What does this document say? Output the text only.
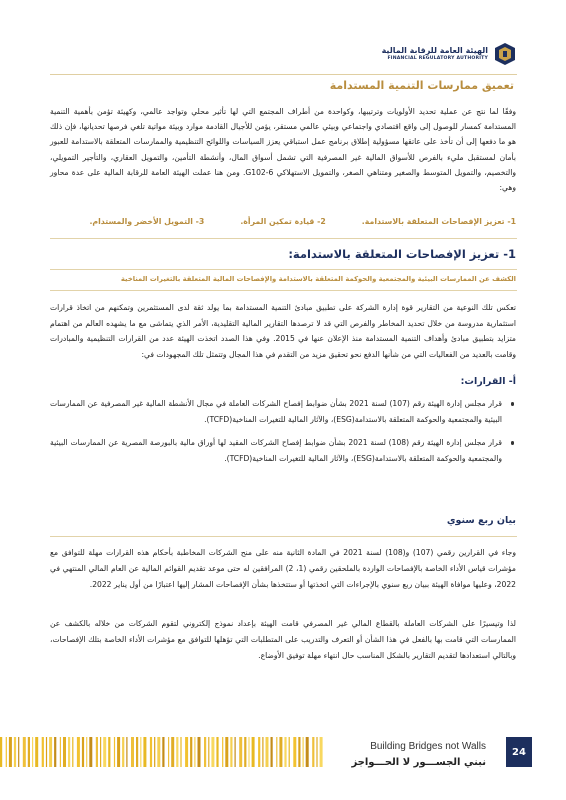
الهيئة العامة للرقابة المالية
FINANCIAL REGULATORY AUTHORITY
تعميق ممارسات التنمية المستدامة

وفقًا لما نتج عن عملية تحديد الأولويات وترتيبها، وكواحدة من أطراف المجتمع التي لها تأثير محلي وتواجد عالمي، وكهيئة تؤمن بأهمية التنمية المستدامة كمسار للوصول إلى واقع اقتصادي واجتماعي وبيئي عالمي مستقر، يؤمن للأجيال القادمة موارد وبيئة مواتية تلغي فرصها تحديانها، فإن ذلك هو ما دفعها إلى أن تأخذ على عاتقها مسؤولية إطلاق برنامج عمل استباقي يعزز السياسات واللوائح التنظيمية والممارسات المتعلقة بالاستدامة للعبور بأمان لمستقبل مليء بالفرص للأسواق المالية غير المصرفية التي تشمل أسواق المال، وأنشطة التأمين، والتمويل العقاري، والتأجير التمويلي، والتخصيم، والتمويل المتوسط والصغير ومتناهي الصغر، والتمويل الاستهلاكي G102-6. ومن هنا عملت الهيئة العامة للرقابة المالية على عدة محاور وهي:

1- تعزيز الإفصاحات المتعلقة بالاستدامة.
2- قيادة تمكين المرأة.
3- التمويل الأخضر والمستدام.
1- تعزيز الإفصاحات المتعلقة بالاستدامة:
الكشف عن الممارسات البيئية والمجتمعية والحوكمة المتعلقة بالاستدامة والإفصاحات المالية المتعلقة بالتغيرات المناخية

تعكس تلك النوعية من التقارير قوة إدارة الشركة على تطبيق مبادئ التنمية المستدامة بما يولد ثقة لدى المستثمرين وتمكنهم من اتخاذ قرارات استثمارية مدروسة من خلال تحديد المخاطر والفرص التي قد لا ترصدها التقارير المالية التقليدية، الأمر الذي يتماشى مع ما يشهده العالم من اهتمام متزايد بتطبيق مبادئ وأهداف التنمية المستدامة منذ الإعلان عنها في 2015. وفي هذا الصدد اتخذت الهيئة عدد من القرارات التنظيمية والمبادرات وقامت بالعديد من الفعاليات التي من شأنها الدفع نحو تحقيق مزيد من التقدم في هذا المجال وتتمثل تلك المجهودات في:

أ- القرارات:
قرار مجلس إدارة الهيئة رقم (107) لسنة 2021 بشأن ضوابط إفصاح الشركات العاملة في مجال الأنشطة المالية غير المصرفية عن الممارسات البيئية والمجتمعية والحوكمة المتعلقة بالاستدامة(ESG)، والآثار المالية للتغيرات المناخية(TCFD).
قرار مجلس إدارة الهيئة رقم (108) لسنة 2021 بشأن ضوابط إفصاح الشركات المقيد لها أوراق مالية بالبورصة المصرية عن الممارسات البيئية والمجتمعية والحوكمة المتعلقة بالاستدامة(ESG)، والآثار المالية للتغيرات المناخية(TCFD).
بيان ربع سنوي

وجاء في القرارين رقمي (107) و(108) لسنة 2021 في المادة الثانية منه على منح الشركات المخاطبة بأحكام هذه القرارات مهلة للتوافق مع مؤشرات قياس الأداء الخاصة بالإفصاحات الواردة بالملحقين رقمي (1، 2) المرافقين له حتى موعد تقديم القوائم المالية عن العام المالي المنتهي في 2022، وعليها موافاة الهيئة ببيان ربع سنوي بالإجراءات التي اتخذتها أو ستتخذها بشأن الإفصاحات المشار إليها اعتبارًا من أول يناير 2022.

لذا وتيسيرًا على الشركات العاملة بالقطاع المالي غير المصرفي قامت الهيئة بإعداد نموذج إلكتروني لتقوم الشركات من خلاله بالكشف عن الممارسات التي قامت بها بالفعل في هذا الشأن أو التعرف والتدريب على المتطلبات التي تؤهلها للتوافق مع مؤشرات الأداء الخاصة بتلك الإفصاحات، وبالتالي استعدادها لتقديم التقارير بالشكل المناسب حال انتهاء مهلة توفيق الأوضاع.

24
Building Bridges not Walls
نبني الجســـور لا الحـــواجز
